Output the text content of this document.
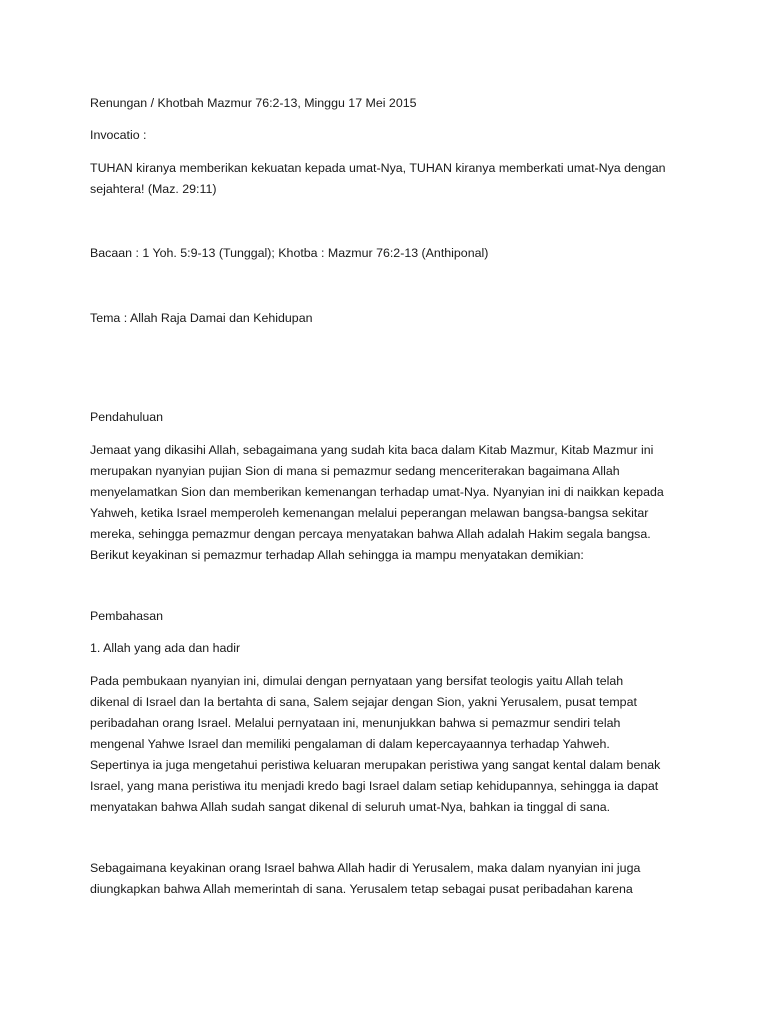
Renungan / Khotbah Mazmur 76:2-13, Minggu 17 Mei 2015

Invocatio :

TUHAN kiranya memberikan kekuatan kepada umat-Nya, TUHAN kiranya memberkati umat-Nya dengan
sejahtera! (Maz. 29:11)

Bacaan : 1 Yoh. 5:9-13 (Tunggal); Khotba : Mazmur 76:2-13 (Anthiponal)

Tema : Allah Raja Damai dan Kehidupan

Pendahuluan

Jemaat yang dikasihi Allah, sebagaimana yang sudah kita baca dalam Kitab Mazmur, Kitab Mazmur ini
merupakan nyanyian pujian Sion di mana si pemazmur sedang menceriterakan bagaimana Allah
menyelamatkan Sion dan memberikan kemenangan terhadap umat-Nya. Nyanyian ini di naikkan kepada
Yahweh, ketika Israel memperoleh kemenangan melalui peperangan melawan bangsa-bangsa sekitar
mereka, sehingga pemazmur dengan percaya menyatakan bahwa Allah adalah Hakim segala bangsa.
Berikut keyakinan si pemazmur terhadap Allah sehingga ia mampu menyatakan demikian:

Pembahasan

1. Allah yang ada dan hadir

Pada pembukaan nyanyian ini, dimulai dengan pernyataan yang bersifat teologis yaitu Allah telah
dikenal di Israel dan Ia bertahta di sana, Salem sejajar dengan Sion, yakni Yerusalem, pusat tempat
peribadahan orang Israel. Melalui pernyataan ini, menunjukkan bahwa si pemazmur sendiri telah
mengenal Yahwe Israel dan memiliki pengalaman di dalam kepercayaannya terhadap Yahweh.
Sepertinya ia juga mengetahui peristiwa keluaran merupakan peristiwa yang sangat kental dalam benak
Israel, yang mana peristiwa itu menjadi kredo bagi Israel dalam setiap kehidupannya, sehingga ia dapat
menyatakan bahwa Allah sudah sangat dikenal di seluruh umat-Nya, bahkan ia tinggal di sana.

Sebagaimana keyakinan orang Israel bahwa Allah hadir di Yerusalem, maka dalam nyanyian ini juga
diungkapkan bahwa Allah memerintah di sana. Yerusalem tetap sebagai pusat peribadahan karena
